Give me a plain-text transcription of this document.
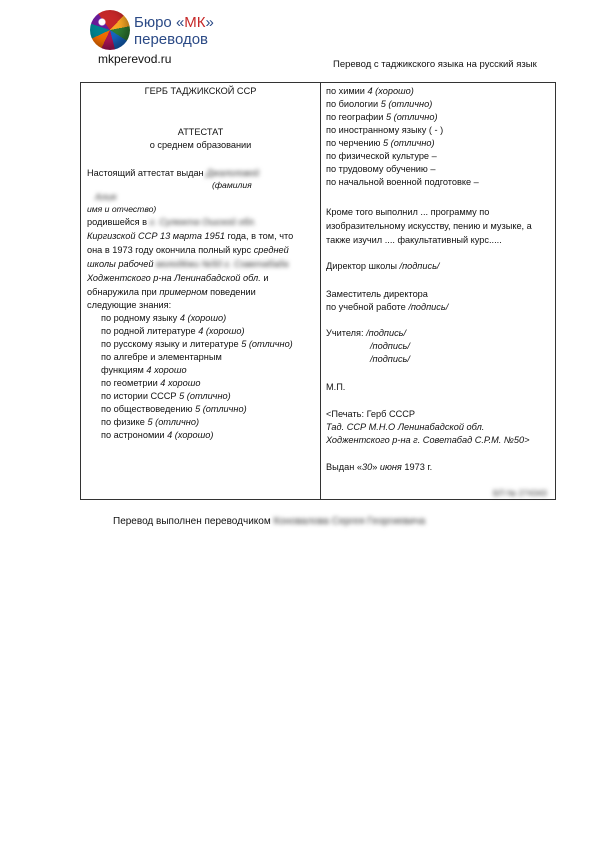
Бюро «МК»
переводов
mkperevod.ru	Перевод с таджикского языка на русский язык
ГЕРБ ТАДЖИКСКОЙ ССР
АТТЕСТАТ
о среднем образовании
Настоящий аттестат выдан Джалоловой
(фамилия
Алия
имя и отчество)
родившейся в г. Сулюкта Ошской обл.
Киргизской ССР 13 марта 1951 года, в том, что
она в 1973 году окончила полный курс средней
школы рабочей молодёжи №50 г. Советабада
Ходжентского р-на Ленинабадской обл. и
обнаружила при примерном поведении
следующие знания:
по родному языку 4 (хорошо)
по родной литературе 4 (хорошо)
по русскому языку и литературе 5 (отлично)
по алгебре и элементарным
функциям 4 хорошо
по геометрии 4 хорошо
по истории СССР 5 (отлично)
по обществоведению 5 (отлично)
по физике 5 (отлично)
по астрономии 4 (хорошо)
по химии 4 (хорошо)
по биологии 5 (отлично)
по географии 5 (отлично)
по иностранному языку ( - )
по черчению 5 (отлично)
по физической культуре –
по трудовому обучению –
по начальной военной подготовке –
Кроме того выполнил ... программу по
изобразительному искусству, пению и музыке, а
также изучил .... факультативный курс.....
Директор школы /подпись/
Заместитель директора
по учебной работе /подпись/
Учителя: /подпись/
/подпись/
/подпись/
М.П.
<Печать: Герб СССР
Тад. ССР М.Н.О Ленинабадской обл.
Ходжентского р-на г. Советабад С.Р.М. №50>
Выдан «30» июня 1973 г.
БП № 274343
Перевод выполнен переводчиком Коновалова Сергея Георгиевича
